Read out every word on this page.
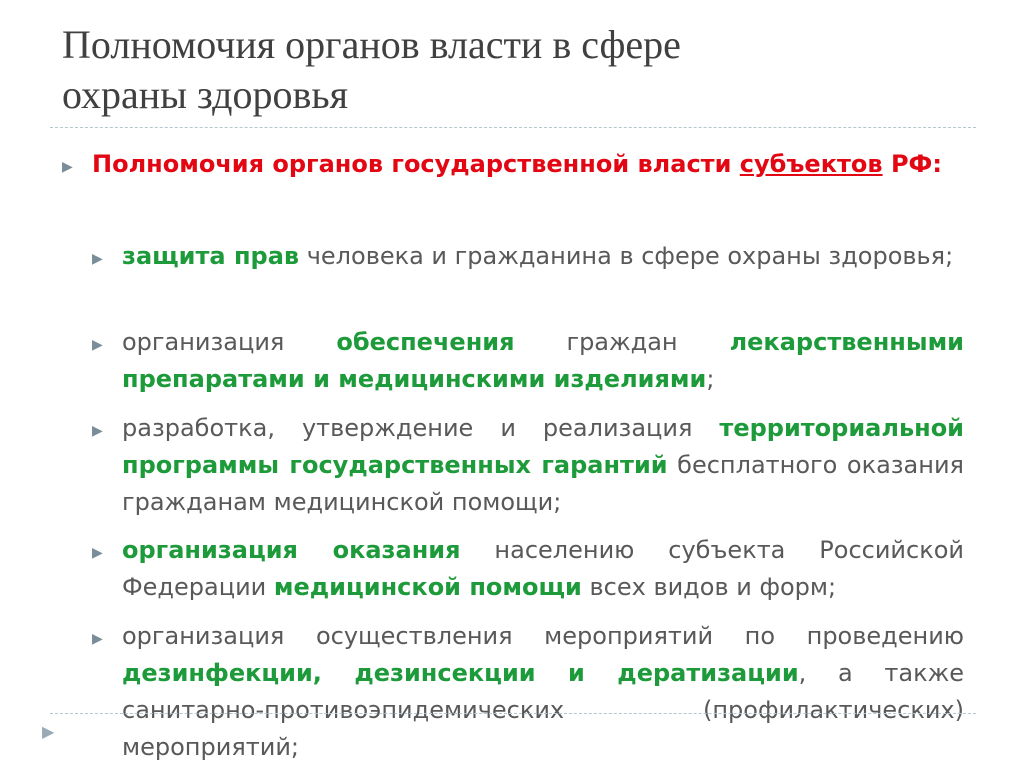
Полномочия органов власти в сфере
охраны здоровья
▶ Полномочия органов государственной власти субъектов РФ:
▶ защита прав человека и гражданина в сфере охраны здоровья;
▶ организация обеспечения граждан лекарственными препаратами и медицинскими изделиями;
▶ разработка, утверждение и реализация территориальной программы государственных гарантий бесплатного оказания гражданам медицинской помощи;
▶ организация оказания населению субъекта Российской Федерации медицинской помощи всех видов и форм;
▶ организация осуществления мероприятий по проведению дезинфекции, дезинсекции и дератизации, а также санитарно-противоэпидемических (профилактических) мероприятий;
▶
